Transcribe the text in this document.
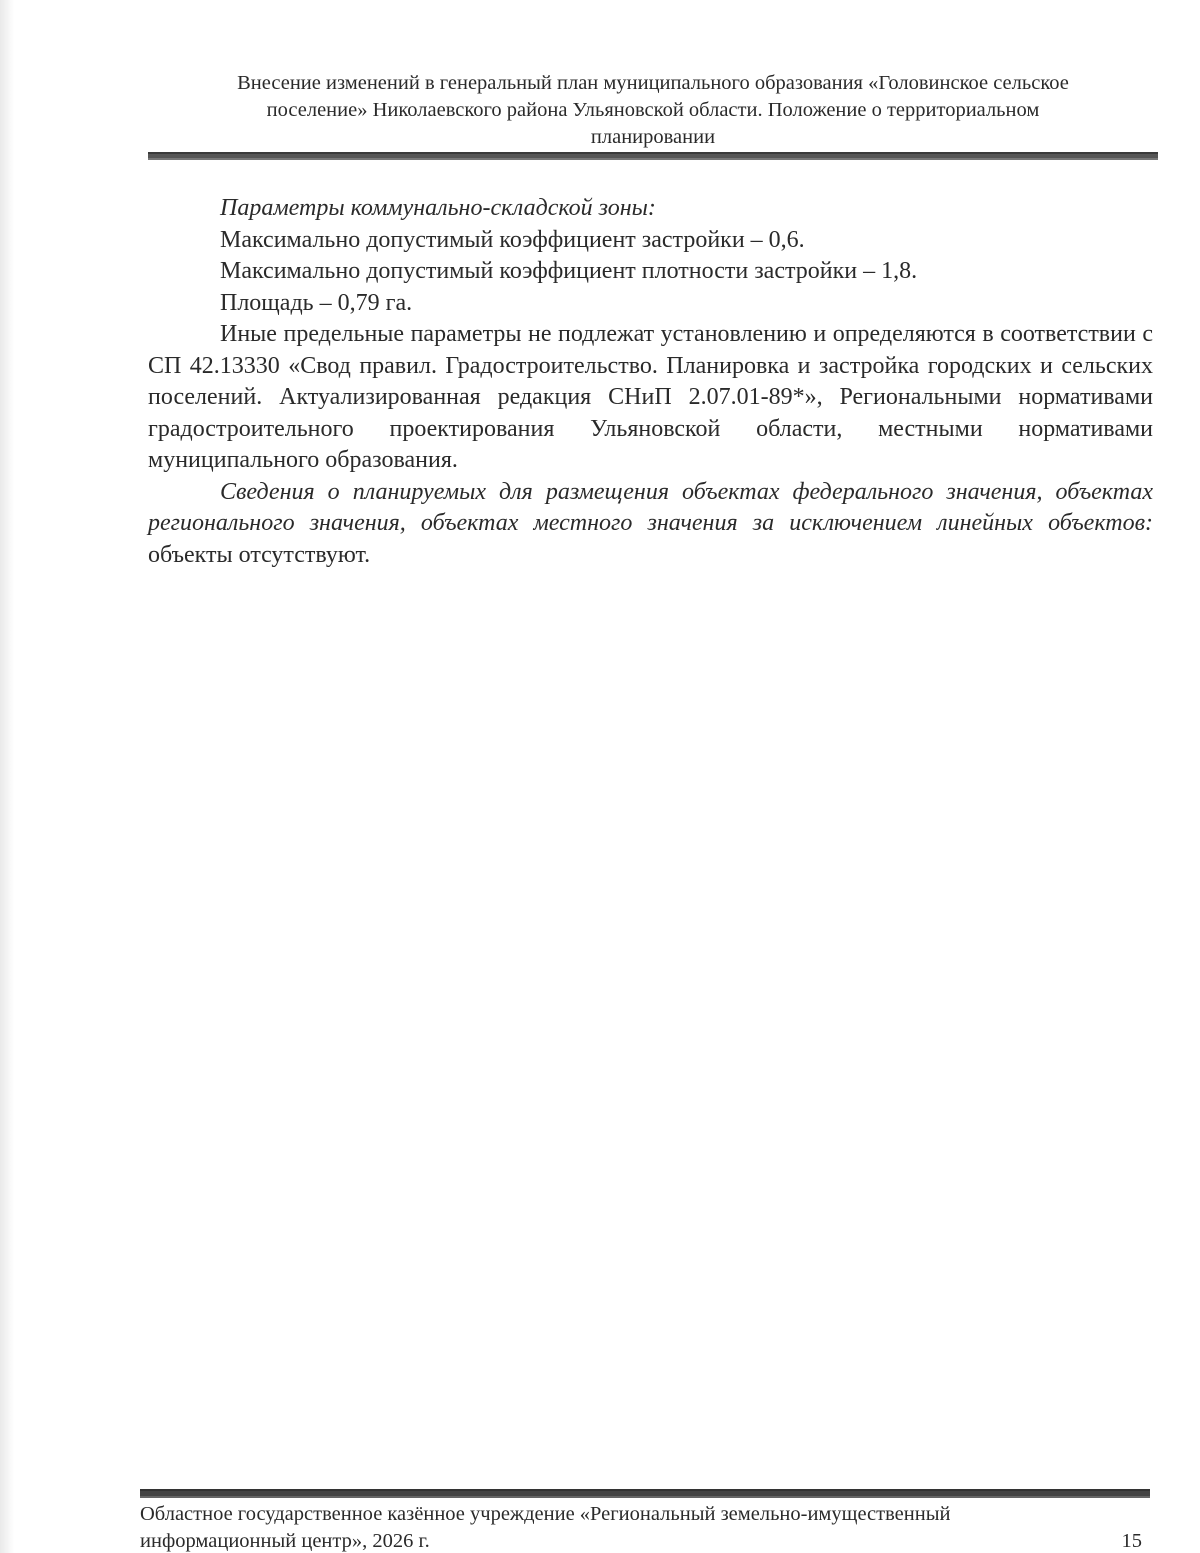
Внесение изменений в генеральный план муниципального образования «Головинское сельское
поселение» Николаевского района Ульяновской области. Положение о территориальном
планировании

Параметры коммунально-складской зоны:

Максимально допустимый коэффициент застройки – 0,6.

Максимально допустимый коэффициент плотности застройки – 1,8.

Площадь – 0,79 га.

Иные предельные параметры не подлежат установлению и определяются в соответствии с СП 42.13330 «Свод правил. Градостроительство. Планировка и застройка городских и сельских поселений. Актуализированная редакция СНиП 2.07.01-89*», Региональными нормативами градостроительного проектирования Ульяновской области, местными нормативами муниципального образования.

Сведения о планируемых для размещения объектах федерального значения, объектах регионального значения, объектах местного значения за исключением линейных объектов: объекты отсутствуют.

Областное государственное казённое учреждение «Региональный земельно-имущественный
информационный центр», 2026 г.	15
